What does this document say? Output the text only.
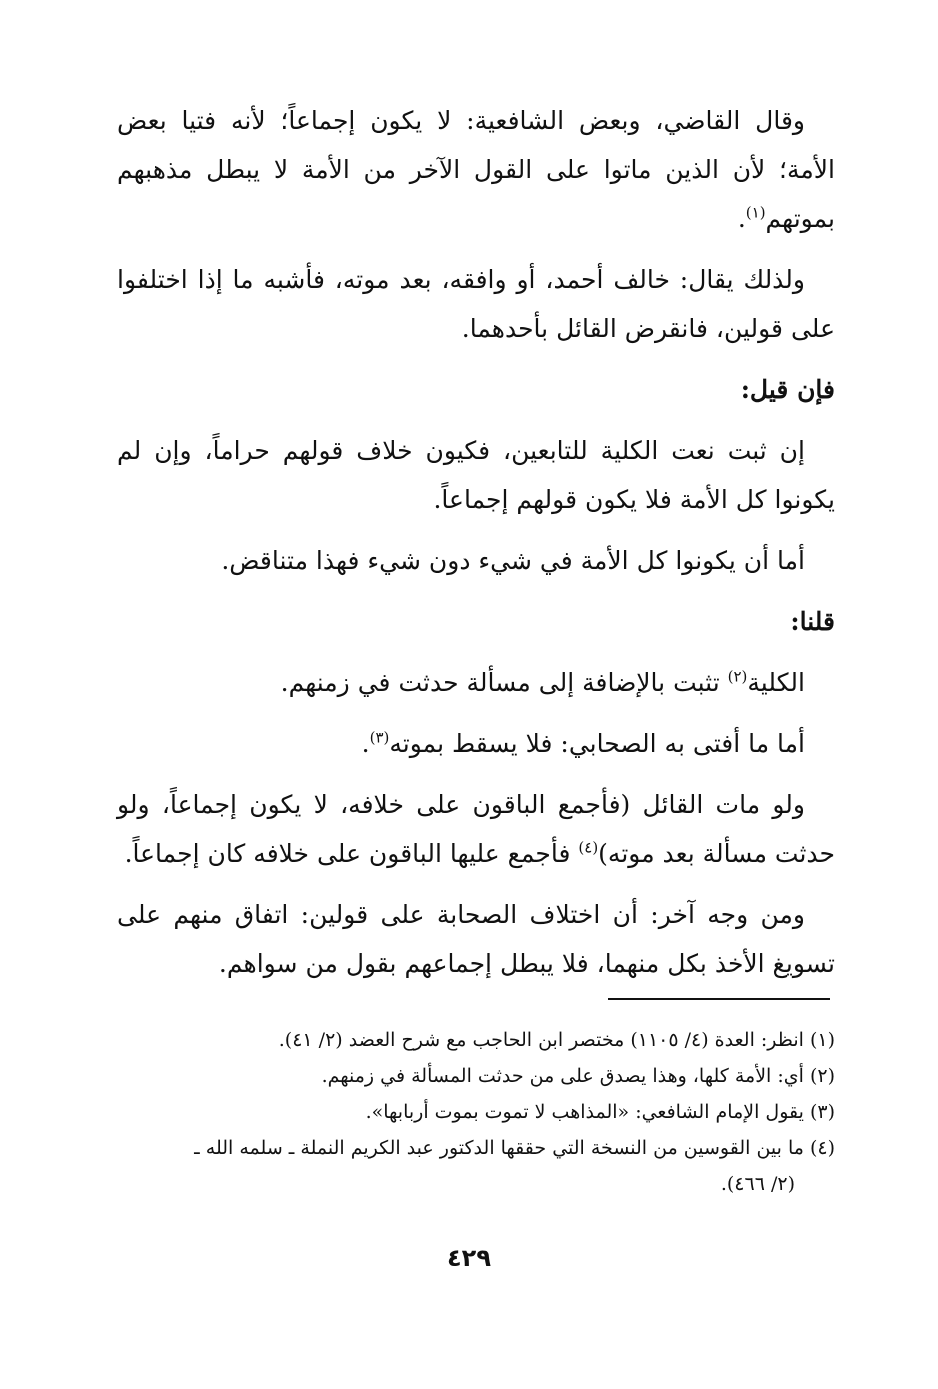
وقال القاضي، وبعض الشافعية: لا يكون إجماعاً؛ لأنه فتيا بعض الأمة؛ لأن الذين ماتوا على القول الآخر من الأمة لا يبطل مذهبهم بموتهم$^{(١)}$.

ولذلك يقال: خالف أحمد، أو وافقه، بعد موته، فأشبه ما إذا اختلفوا على قولين، فانقرض القائل بأحدهما.

فإن قيل:

إن ثبت نعت الكلية للتابعين، فكيون خلاف قولهم حراماً، وإن لم يكونوا كل الأمة فلا يكون قولهم إجماعاً.

أما أن يكونوا كل الأمة في شيء دون شيء فهذا متناقض.

قلنا:

الكلية$^{(٢)}$ تثبت بالإضافة إلى مسألة حدثت في زمنهم.

أما ما أفتى به الصحابي: فلا يسقط بموته$^{(٣)}$.

ولو مات القائل (فأجمع الباقون على خلافه، لا يكون إجماعاً، ولو حدثت مسألة بعد موته)$^{(٤)}$ فأجمع عليها الباقون على خلافه كان إجماعاً.

ومن وجه آخر: أن اختلاف الصحابة على قولين: اتفاق منهم على تسويغ الأخذ بكل منهما، فلا يبطل إجماعهم بقول من سواهم.

(١)انظر: العدة (٤/ ١١٠٥) مختصر ابن الحاجب مع شرح العضد (٢/ ٤١).

(٢)أي: الأمة كلها، وهذا يصدق على من حدثت المسألة في زمنهم.

(٣)يقول الإمام الشافعي: «المذاهب لا تموت بموت أربابها».

(٤)ما بين القوسين من النسخة التي حققها الدكتور عبد الكريم النملة ـ سلمه الله ـ
(٢/ ٤٦٦).

٤٢٩
